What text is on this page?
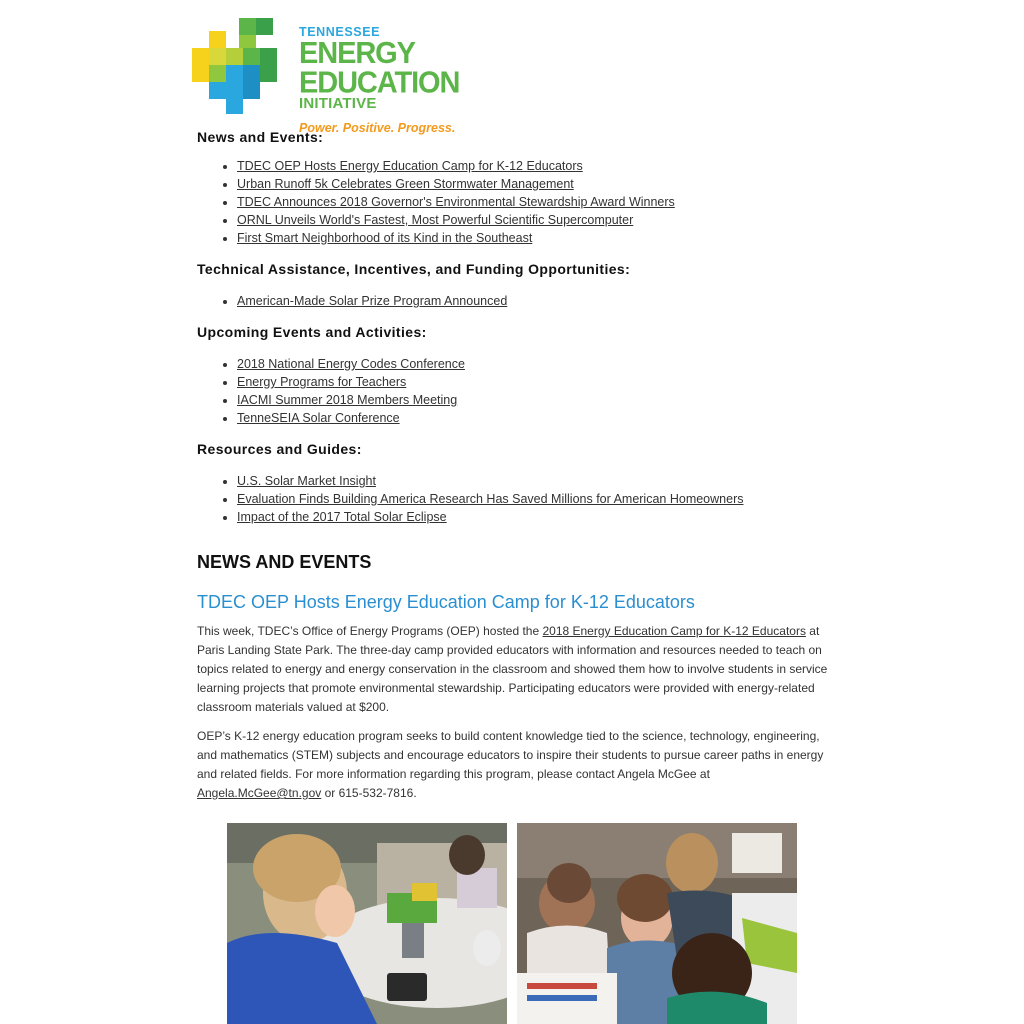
TENNESSEE
ENERGY EDUCATION
INITIATIVE
Power. Positive. Progress.
News and Events:
• TDEC OEP Hosts Energy Education Camp for K-12 Educators
• Urban Runoff 5k Celebrates Green Stormwater Management
• TDEC Announces 2018 Governor's Environmental Stewardship Award Winners
• ORNL Unveils World's Fastest, Most Powerful Scientific Supercomputer
• First Smart Neighborhood of its Kind in the Southeast
Technical Assistance, Incentives, and Funding Opportunities:
• American-Made Solar Prize Program Announced
Upcoming Events and Activities:
• 2018 National Energy Codes Conference
• Energy Programs for Teachers
• IACMI Summer 2018 Members Meeting
• TenneSEIA Solar Conference
Resources and Guides:
• U.S. Solar Market Insight
• Evaluation Finds Building America Research Has Saved Millions for American Homeowners
• Impact of the 2017 Total Solar Eclipse
NEWS AND EVENTS
TDEC OEP Hosts Energy Education Camp for K-12 Educators

This week, TDEC’s Office of Energy Programs (OEP) hosted the 2018 Energy Education Camp for K-12 Educators at Paris Landing State Park. The three-day camp provided educators with information and resources needed to teach on topics related to energy and energy conservation in the classroom and showed them how to involve students in service learning projects that promote environmental stewardship. Participating educators were provided with energy-related classroom materials valued at $200.

OEP’s K-12 energy education program seeks to build content knowledge tied to the science, technology, engineering, and mathematics (STEM) subjects and encourage educators to inspire their students to pursue career paths in energy and related fields. For more information regarding this program, please contact Angela McGee at Angela.McGee@tn.gov or 615-532-7816.
